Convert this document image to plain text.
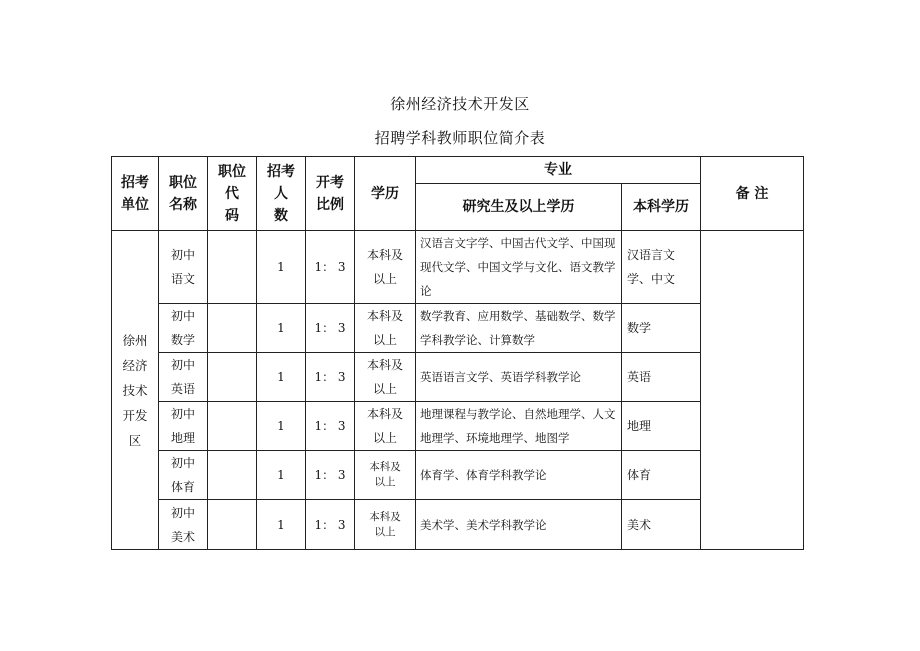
徐州经济技术开发区
招聘学科教师职位简介表
招考
单位	职位
名称	职位
代
码	招考
人
数	开考
比例	学历	专业		备 注
						研究生及以上学历	本科学历	

徐州
经济
技术
开发
区	初中
语文		1	1： 3	本科及
以上	汉语言文字学、中国古代文学、中国现现代文学、中国文学与文化、语文教学论	汉语言文学、中文	

	初中
数学		1	1： 3	本科及
以上	数学教育、应用数学、基础数学、数学学科教学论、计算数学	数学	

	初中
英语		1	1： 3	本科及
以上	英语语言文学、英语学科教学论	英语	

	初中
地理		1	1： 3	本科及
以上	地理课程与教学论、自然地理学、人文地理学、环境地理学、地图学	地理	

	初中
体育		1	1： 3	本科及
以上	体育学、体育学科教学论	体育	

	初中
美术		1	1： 3	本科及
以上	美术学、美术学科教学论	美术	
